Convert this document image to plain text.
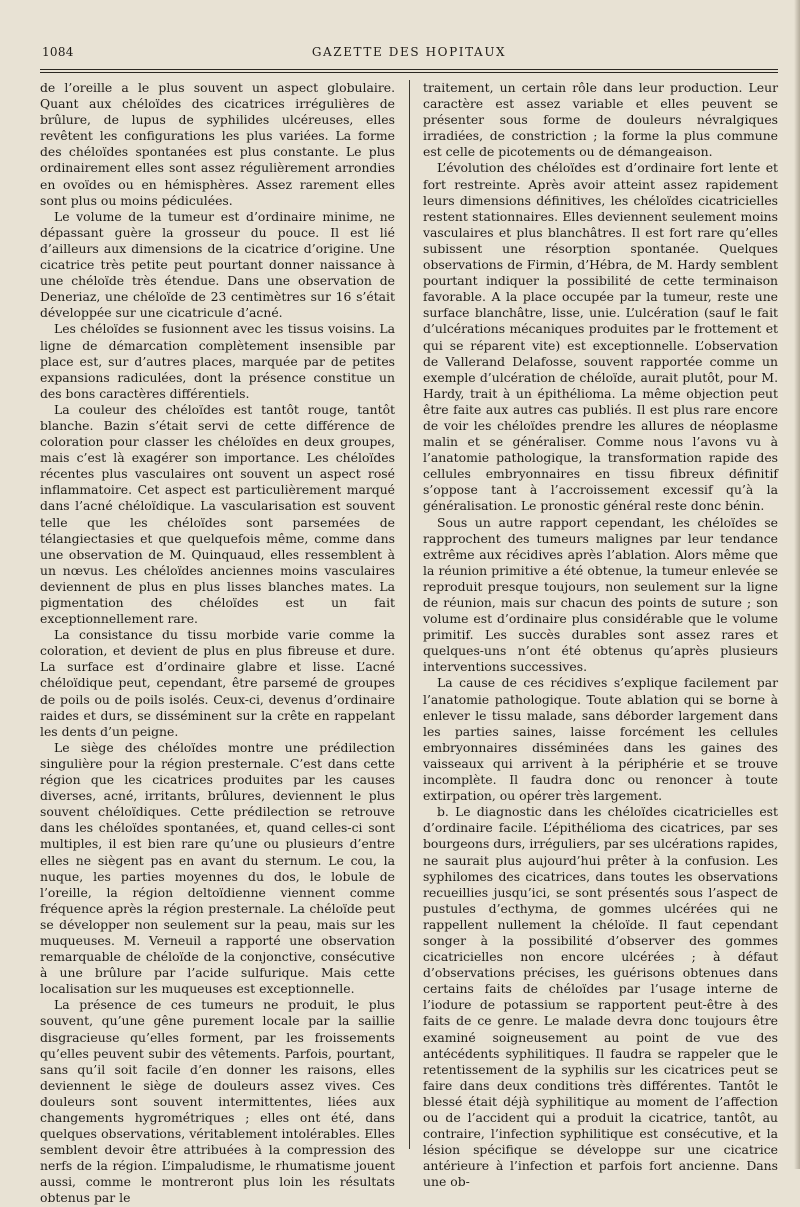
1084	GAZETTE DES HOPITAUX

de l’oreille a le plus souvent un aspect globulaire. Quant aux chéloïdes des cicatrices irrégulières de brûlure, de lupus de syphilides ulcéreuses, elles revêtent les configurations les plus variées. La forme des chéloïdes spontanées est plus constante. Le plus ordinairement elles sont assez régulièrement arrondies en ovoïdes ou en hémisphères. Assez rarement elles sont plus ou moins pédiculées.

Le volume de la tumeur est d’ordinaire minime, ne dépassant guère la grosseur du pouce. Il est lié d’ailleurs aux dimensions de la cicatrice d’origine. Une cicatrice très petite peut pourtant donner naissance à une chéloïde très étendue. Dans une observation de Deneriaz, une chéloïde de 23 centimètres sur 16 s’était développée sur une cicatricule d’acné.

Les chéloïdes se fusionnent avec les tissus voisins. La ligne de démarcation complètement insensible par place est, sur d’autres places, marquée par de petites expansions radiculées, dont la présence constitue un des bons caractères différentiels.

La couleur des chéloïdes est tantôt rouge, tantôt blanche. Bazin s’était servi de cette différence de coloration pour classer les chéloïdes en deux groupes, mais c’est là exagérer son importance. Les chéloïdes récentes plus vasculaires ont souvent un aspect rosé inflammatoire. Cet aspect est particulièrement marqué dans l’acné chéloïdique. La vascularisation est souvent telle que les chéloïdes sont parsemées de télangiectasies et que quelquefois même, comme dans une observation de M. Quinquaud, elles ressemblent à un nœvus. Les chéloïdes anciennes moins vasculaires deviennent de plus en plus lisses blanches mates. La pigmentation des chéloïdes est un fait exceptionnellement rare.

La consistance du tissu morbide varie comme la coloration, et devient de plus en plus fibreuse et dure. La surface est d’ordinaire glabre et lisse. L’acné chéloïdique peut, cependant, être parsemé de groupes de poils ou de poils isolés. Ceux-ci, devenus d’ordinaire raides et durs, se disséminent sur la crête en rappelant les dents d’un peigne.

Le siège des chéloïdes montre une prédilection singulière pour la région presternale. C’est dans cette région que les cicatrices produites par les causes diverses, acné, irritants, brûlures, deviennent le plus souvent chéloïdiques. Cette prédilection se retrouve dans les chéloïdes spontanées, et, quand celles-ci sont multiples, il est bien rare qu’une ou plusieurs d’entre elles ne siègent pas en avant du sternum. Le cou, la nuque, les parties moyennes du dos, le lobule de l’oreille, la région deltoïdienne viennent comme fréquence après la région presternale. La chéloïde peut se développer non seulement sur la peau, mais sur les muqueuses. M. Verneuil a rapporté une observation remarquable de chéloïde de la conjonctive, consécutive à une brûlure par l’acide sulfurique. Mais cette localisation sur les muqueuses est exceptionnelle.

La présence de ces tumeurs ne produit, le plus souvent, qu’une gêne purement locale par la saillie disgracieuse qu’elles forment, par les froissements qu’elles peuvent subir des vêtements. Parfois, pourtant, sans qu’il soit facile d’en donner les raisons, elles deviennent le siège de douleurs assez vives. Ces douleurs sont souvent intermittentes, liées aux changements hygrométriques ; elles ont été, dans quelques observations, véritablement intolérables. Elles semblent devoir être attribuées à la compression des nerfs de la région. L’impaludisme, le rhumatisme jouent aussi, comme le montreront plus loin les résultats obtenus par le

traitement, un certain rôle dans leur production. Leur caractère est assez variable et elles peuvent se présenter sous forme de douleurs névralgiques irradiées, de constriction ; la forme la plus commune est celle de picotements ou de démangeaison.

L’évolution des chéloïdes est d’ordinaire fort lente et fort restreinte. Après avoir atteint assez rapidement leurs dimensions définitives, les chéloïdes cicatricielles restent stationnaires. Elles deviennent seulement moins vasculaires et plus blanchâtres. Il est fort rare qu’elles subissent une résorption spontanée. Quelques observations de Firmin, d’Hébra, de M. Hardy semblent pourtant indiquer la possibilité de cette terminaison favorable. A la place occupée par la tumeur, reste une surface blanchâtre, lisse, unie. L’ulcération (sauf le fait d’ulcérations mécaniques produites par le frottement et qui se réparent vite) est exceptionnelle. L’observation de Vallerand Delafosse, souvent rapportée comme un exemple d’ulcération de chéloïde, aurait plutôt, pour M. Hardy, trait à un épithélioma. La même objection peut être faite aux autres cas publiés. Il est plus rare encore de voir les chéloïdes prendre les allures de néoplasme malin et se généraliser. Comme nous l’avons vu à l’anatomie pathologique, la transformation rapide des cellules embryonnaires en tissu fibreux définitif s’oppose tant à l’accroissement excessif qu’à la généralisation. Le pronostic général reste donc bénin.

Sous un autre rapport cependant, les chéloïdes se rapprochent des tumeurs malignes par leur tendance extrême aux récidives après l’ablation. Alors même que la réunion primitive a été obtenue, la tumeur enlevée se reproduit presque toujours, non seulement sur la ligne de réunion, mais sur chacun des points de suture ; son volume est d’ordinaire plus considérable que le volume primitif. Les succès durables sont assez rares et quelques-uns n’ont été obtenus qu’après plusieurs interventions successives.

La cause de ces récidives s’explique facilement par l’anatomie pathologique. Toute ablation qui se borne à enlever le tissu malade, sans déborder largement dans les parties saines, laisse forcément les cellules embryonnaires disséminées dans les gaines des vaisseaux qui arrivent à la périphérie et se trouve incomplète. Il faudra donc ou renoncer à toute extirpation, ou opérer très largement.

b. Le diagnostic dans les chéloïdes cicatricielles est d’ordinaire facile. L’épithélioma des cicatrices, par ses bourgeons durs, irréguliers, par ses ulcérations rapides, ne saurait plus aujourd’hui prêter à la confusion. Les syphilomes des cicatrices, dans toutes les observations recueillies jusqu’ici, se sont présentés sous l’aspect de pustules d’ecthyma, de gommes ulcérées qui ne rappellent nullement la chéloïde. Il faut cependant songer à la possibilité d’observer des gommes cicatricielles non encore ulcérées ; à défaut d’observations précises, les guérisons obtenues dans certains faits de chéloïdes par l’usage interne de l’iodure de potassium se rapportent peut-être à des faits de ce genre. Le malade devra donc toujours être examiné soigneusement au point de vue des antécédents syphilitiques. Il faudra se rappeler que le retentissement de la syphilis sur les cicatrices peut se faire dans deux conditions très différentes. Tantôt le blessé était déjà syphilitique au moment de l’affection ou de l’accident qui a produit la cicatrice, tantôt, au contraire, l’infection syphilitique est consécutive, et la lésion spécifique se développe sur une cicatrice antérieure à l’infection et parfois fort ancienne. Dans une ob-
